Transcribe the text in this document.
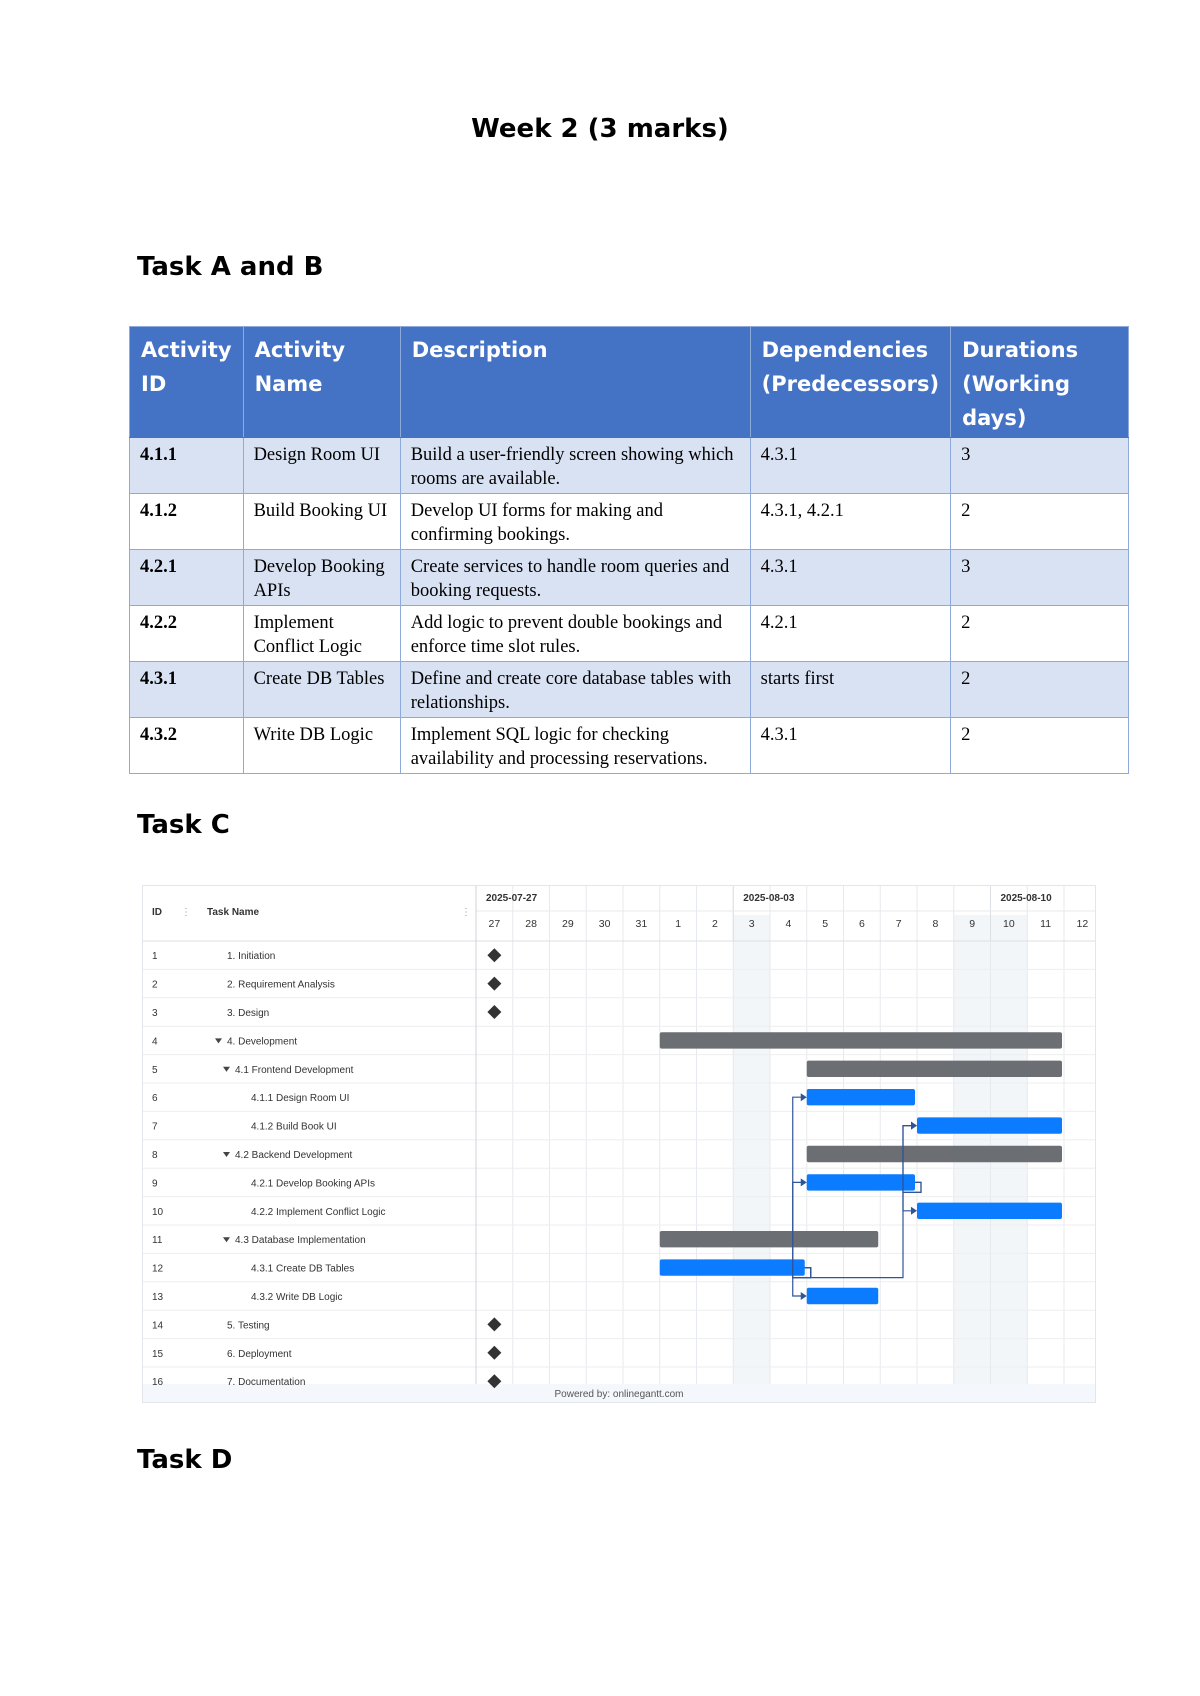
Week 2 (3 marks)
Task A and B
Activity ID	Activity Name	Description	Dependencies (Predecessors)	Durations (Working days)
4.1.1	Design Room UI	Build a user-friendly screen showing which rooms are available.	4.3.1	3
4.1.2	Build Booking UI	Develop UI forms for making and confirming bookings.	4.3.1, 4.2.1	2
4.2.1	Develop Booking APIs	Create services to handle room queries and booking requests.	4.3.1	3
4.2.2	Implement Conflict Logic	Add logic to prevent double bookings and enforce time slot rules.	4.2.1	2
4.3.1	Create DB Tables	Define and create core database tables with relationships.	starts first	2
4.3.2	Write DB Logic	Implement SQL logic for checking availability and processing reservations.	4.3.1	2
Task C
Powered by: onlinegantt.com
ID ⋮ Task Name	⋮
2025-07-27	2025-08-03	2025-08-10
27 28 29 30 31	1	2	3	4	5	6	7	8	9	10 11 12
1	1. Initiation
2	2. Requirement Analysis
3	3. Design
4	4. Development
5	4.1 Frontend Development
6	4.1.1 Design Room UI
7	4.1.2 Build Book UI
8	4.2 Backend Development
9	4.2.1 Develop Booking APIs
10	4.2.2 Implement Conflict Logic
11	4.3 Database Implementation
12	4.3.1 Create DB Tables
13	4.3.2 Write DB Logic
14	5. Testing
15	6. Deployment
16	7. Documentation
Task D
